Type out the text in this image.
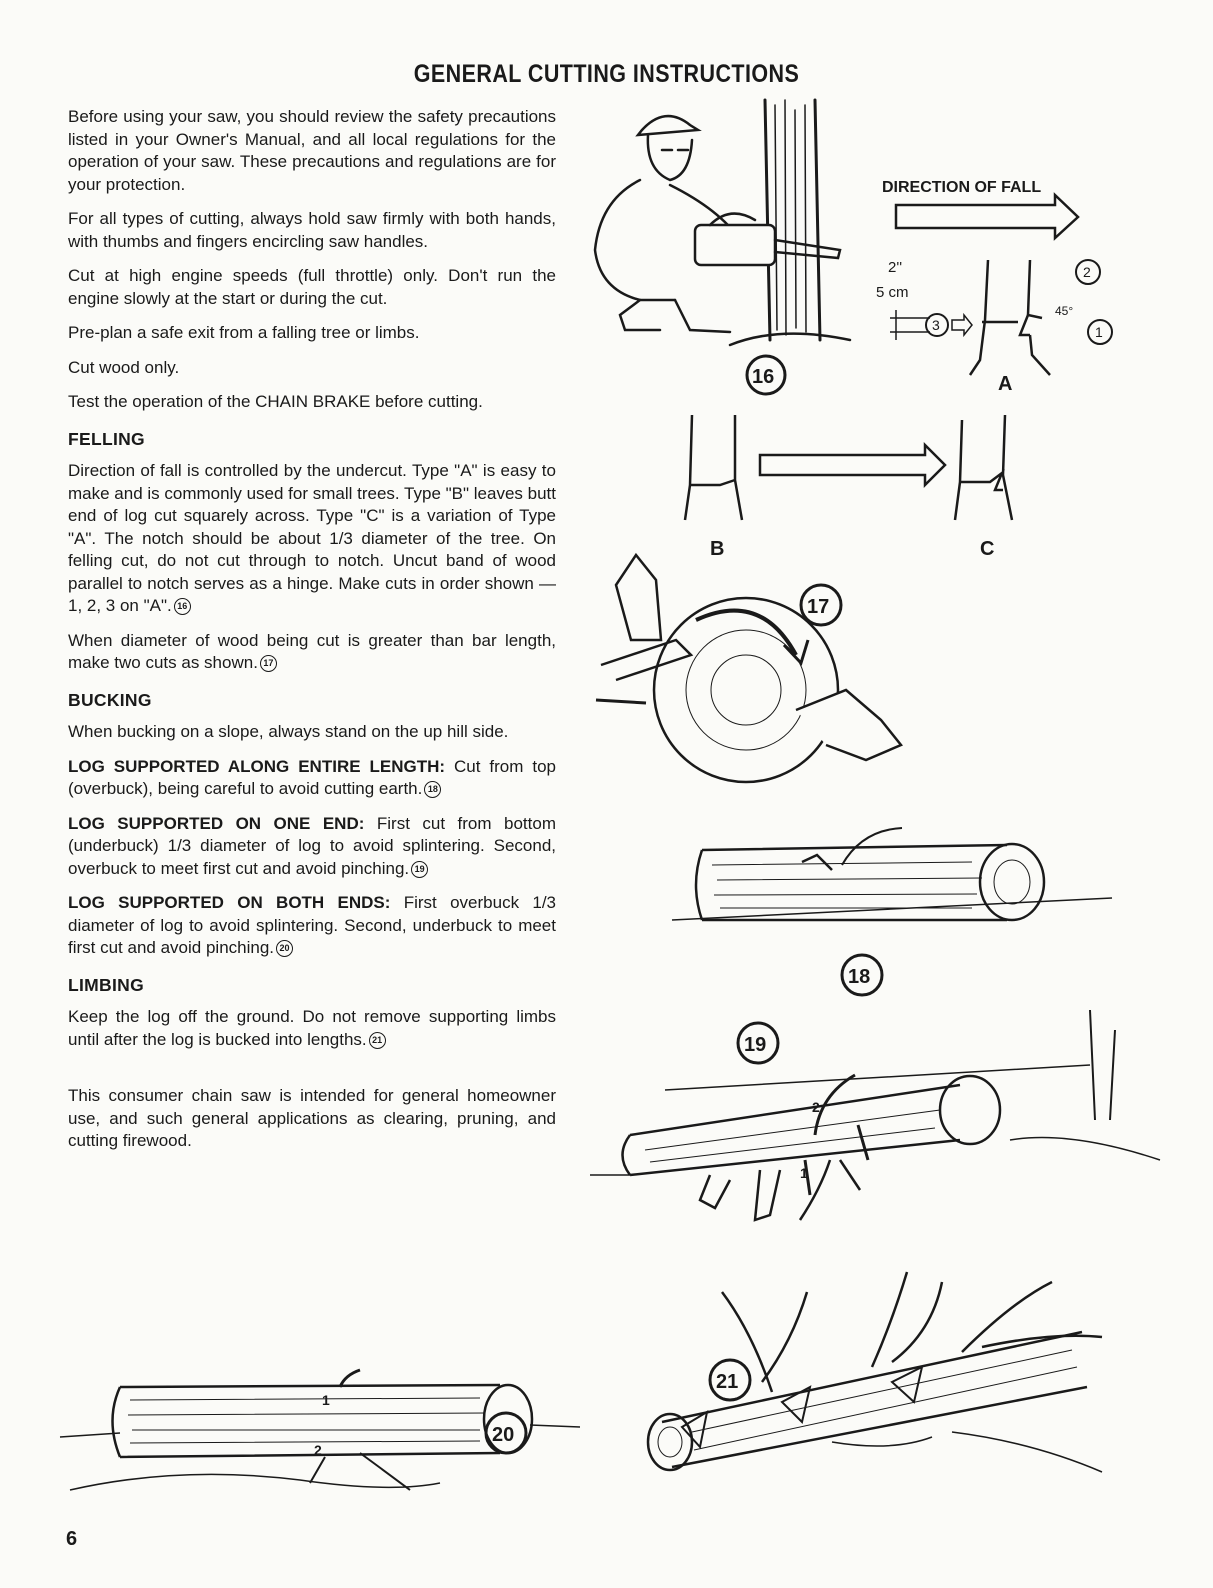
GENERAL CUTTING INSTRUCTIONS

Before using your saw, you should review the safety precautions listed in your Owner's Manual, and all local regulations for the operation of your saw. These precautions and regulations are for your protection.

For all types of cutting, always hold saw firmly with both hands, with thumbs and fingers encircling saw handles.

Cut at high engine speeds (full throttle) only. Don't run the engine slowly at the start or during the cut.

Pre-plan a safe exit from a falling tree or limbs.

Cut wood only.

Test the operation of the CHAIN BRAKE before cutting.

FELLING

Direction of fall is controlled by the undercut. Type "A" is easy to make and is commonly used for small trees. Type "B" leaves butt end of log cut squarely across. Type "C" is a variation of Type "A". The notch should be about 1/3 diameter of the tree. On felling cut, do not cut through to notch. Uncut band of wood parallel to notch serves as a hinge. Make cuts in order shown — 1, 2, 3 on "A". 16

When diameter of wood being cut is greater than bar length, make two cuts as shown. 17

BUCKING

When bucking on a slope, always stand on the up hill side.

LOG SUPPORTED ALONG ENTIRE LENGTH: Cut from top (overbuck), being careful to avoid cutting earth. 18

LOG SUPPORTED ON ONE END: First cut from bottom (underbuck) 1/3 diameter of log to avoid splintering. Second, overbuck to meet first cut and avoid pinching. 19

LOG SUPPORTED ON BOTH ENDS: First overbuck 1/3 diameter of log to avoid splintering. Second, underbuck to meet first cut and avoid pinching. 20

LIMBING

Keep the log off the ground. Do not remove supporting limbs until after the log is bucked into lengths. 21

This consumer chain saw is intended for general homeowner use, and such general applications as clearing, pruning, and cutting firewood.

DIRECTION OF FALL
2''
5 cm
3
2
45°
1
A
16
B	C
17
18
2
1
19
1
2
20
21
6
